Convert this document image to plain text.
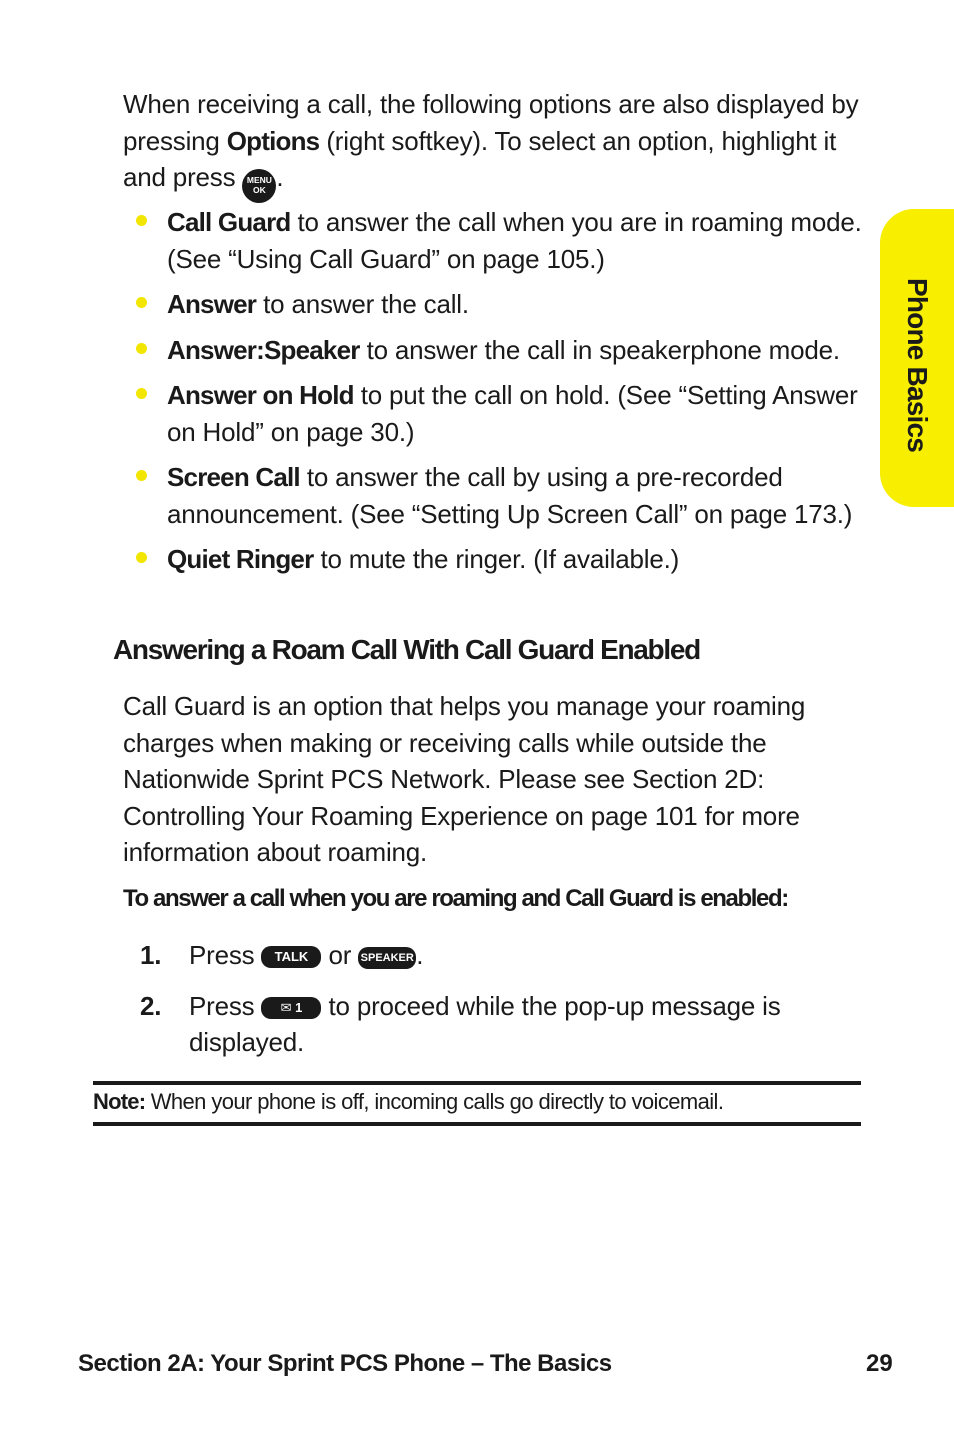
Phone Basics

When receiving a call, the following options are also displayed by pressing Options (right softkey). To select an option, highlight it and press MENU
OK .

Call Guard to answer the call when you are in roaming mode. (See “Using Call Guard” on page 105.)
Answer to answer the call.
Answer:Speaker to answer the call in speakerphone mode.
Answer on Hold to put the call on hold. (See “Setting Answer on Hold” on page 30.)
Screen Call to answer the call by using a pre-recorded announcement. (See “Setting Up Screen Call” on page 173.)
Quiet Ringer to mute the ringer. (If available.)
Answering a Roam Call With Call Guard Enabled

Call Guard is an option that helps you manage your roaming charges when making or receiving calls while outside the Nationwide Sprint PCS Network. Please see Section 2D: Controlling Your Roaming Experience on page 101 for more information about roaming.

To answer a call when you are roaming and Call Guard is enabled:
1. Press TALK or SPEAKER.
2. Press ✉ 1 to proceed while the pop-up message is displayed.
Note: When your phone is off, incoming calls go directly to voicemail.
Section 2A: Your Sprint PCS Phone – The Basics	29
